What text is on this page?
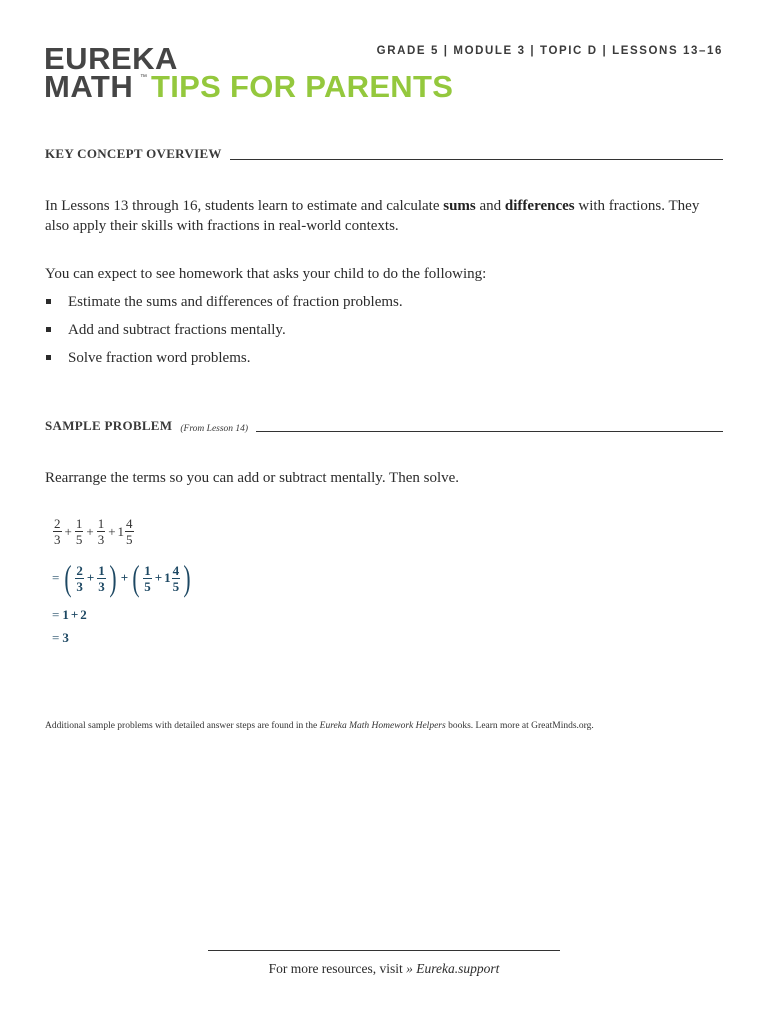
EUREKA
MATH ™ TIPS FOR PARENTS
GRADE 5 | MODULE 3 | TOPIC D | LESSONS 13–16
KEY CONCEPT OVERVIEW
In Lessons 13 through 16, students learn to estimate and calculate sums and differences with fractions. They also apply their skills with fractions in real-world contexts.
You can expect to see homework that asks your child to do the following:
Estimate the sums and differences of fraction problems.
Add and subtract fractions mentally.
Solve fraction word problems.
SAMPLE PROBLEM (From Lesson 14)
Rearrange the terms so you can add or subtract mentally. Then solve.
$\frac{2}{3} + \frac{1}{5} + \frac{1}{3} + 1 \frac{4}{5}$
= ( $\frac{2}{3} + \frac{1}{3}$ ) + ( $\frac{1}{5} + 1 \frac{4}{5}$ )
= 1 + 2
= 3
Additional sample problems with detailed answer steps are found in the Eureka Math Homework Helpers books. Learn more at GreatMinds.org.
For more resources, visit » Eureka.support
